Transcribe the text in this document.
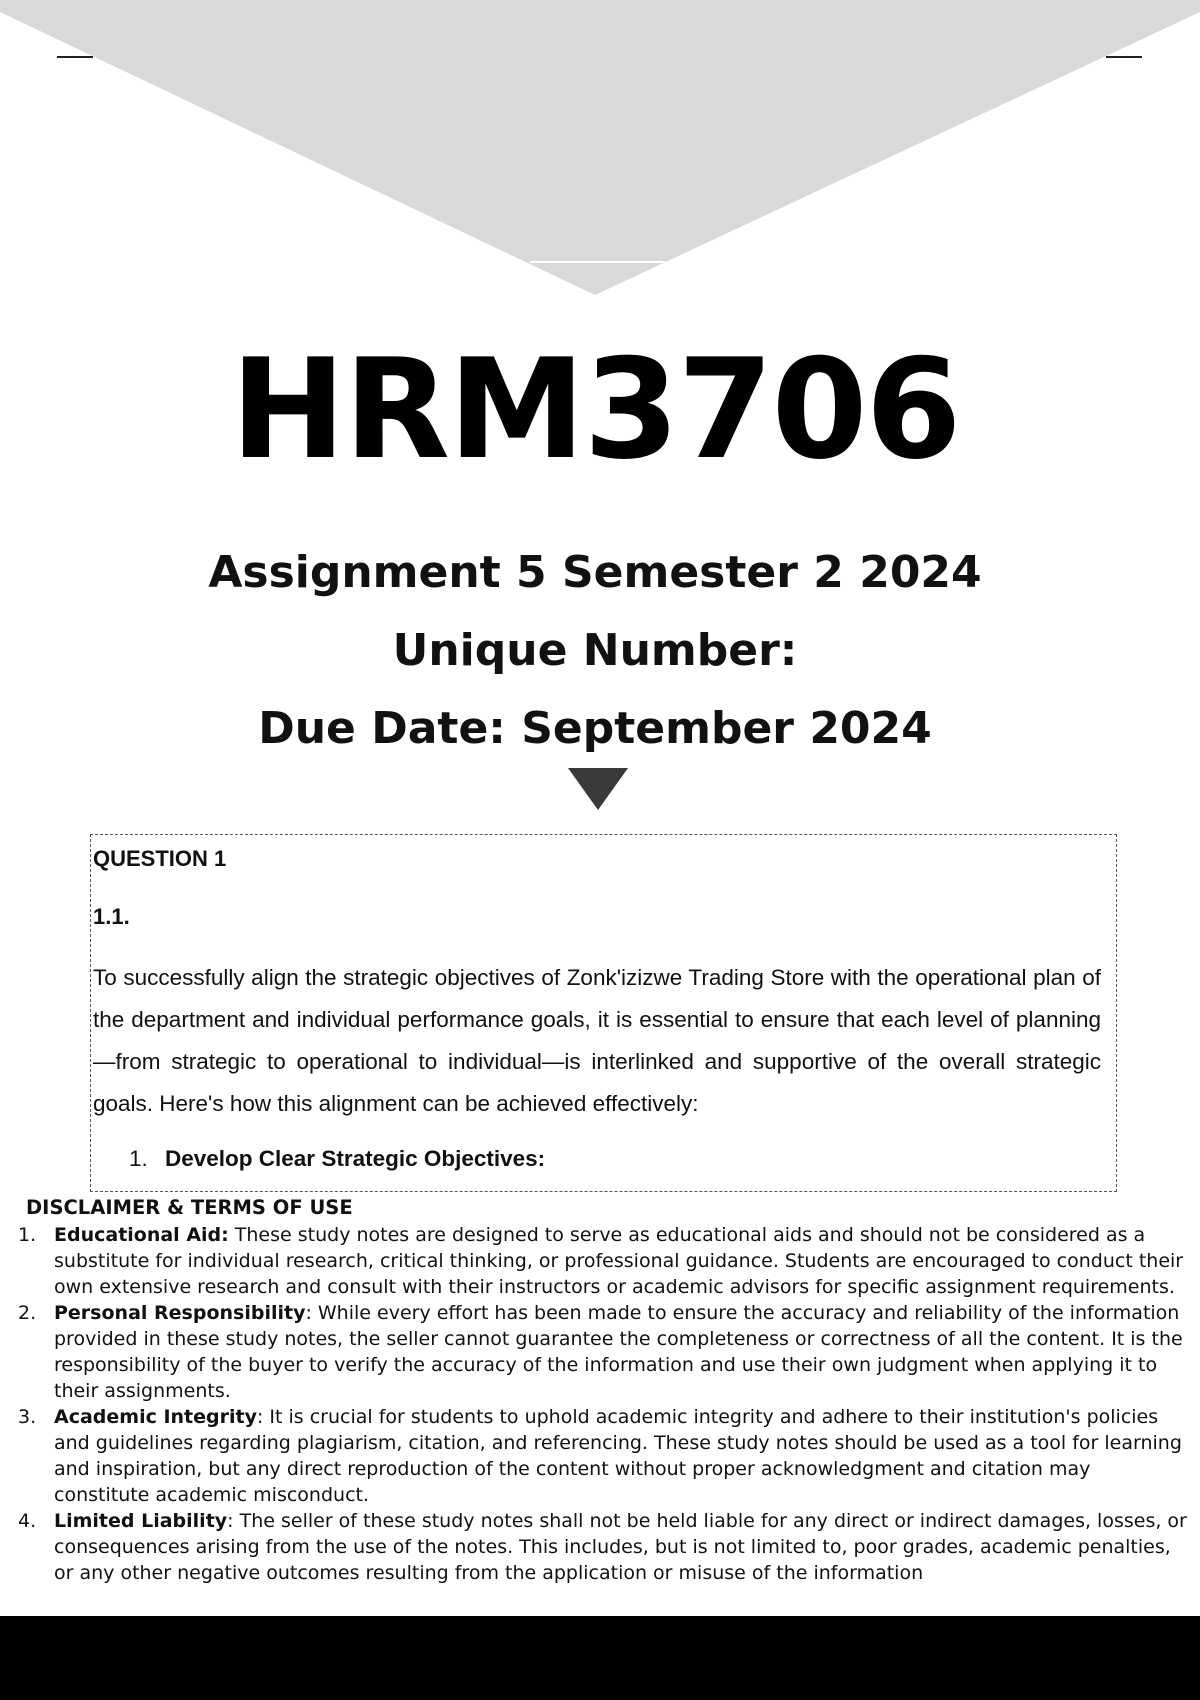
HRM3706
Assignment 5 Semester 2 2024
Unique Number:
Due Date: September 2024

QUESTION 1

1.1.

To successfully align the strategic objectives of Zonk'izizwe Trading Store with the operational plan of the department and individual performance goals, it is essential to ensure that each level of planning—from strategic to operational to individual—is interlinked and supportive of the overall strategic goals. Here's how this alignment can be achieved effectively:

1. Develop Clear Strategic Objectives:
DISCLAIMER & TERMS OF USE
1. Educational Aid: These study notes are designed to serve as educational aids and should not be considered as a substitute for individual research, critical thinking, or professional guidance. Students are encouraged to conduct their own extensive research and consult with their instructors or academic advisors for specific assignment requirements.
2. Personal Responsibility: While every effort has been made to ensure the accuracy and reliability of the information provided in these study notes, the seller cannot guarantee the completeness or correctness of all the content. It is the responsibility of the buyer to verify the accuracy of the information and use their own judgment when applying it to their assignments.
3. Academic Integrity: It is crucial for students to uphold academic integrity and adhere to their institution's policies and guidelines regarding plagiarism, citation, and referencing. These study notes should be used as a tool for learning and inspiration, but any direct reproduction of the content without proper acknowledgment and citation may constitute academic misconduct.
4. Limited Liability: The seller of these study notes shall not be held liable for any direct or indirect damages, losses, or consequences arising from the use of the notes. This includes, but is not limited to, poor grades, academic penalties, or any other negative outcomes resulting from the application or misuse of the information
